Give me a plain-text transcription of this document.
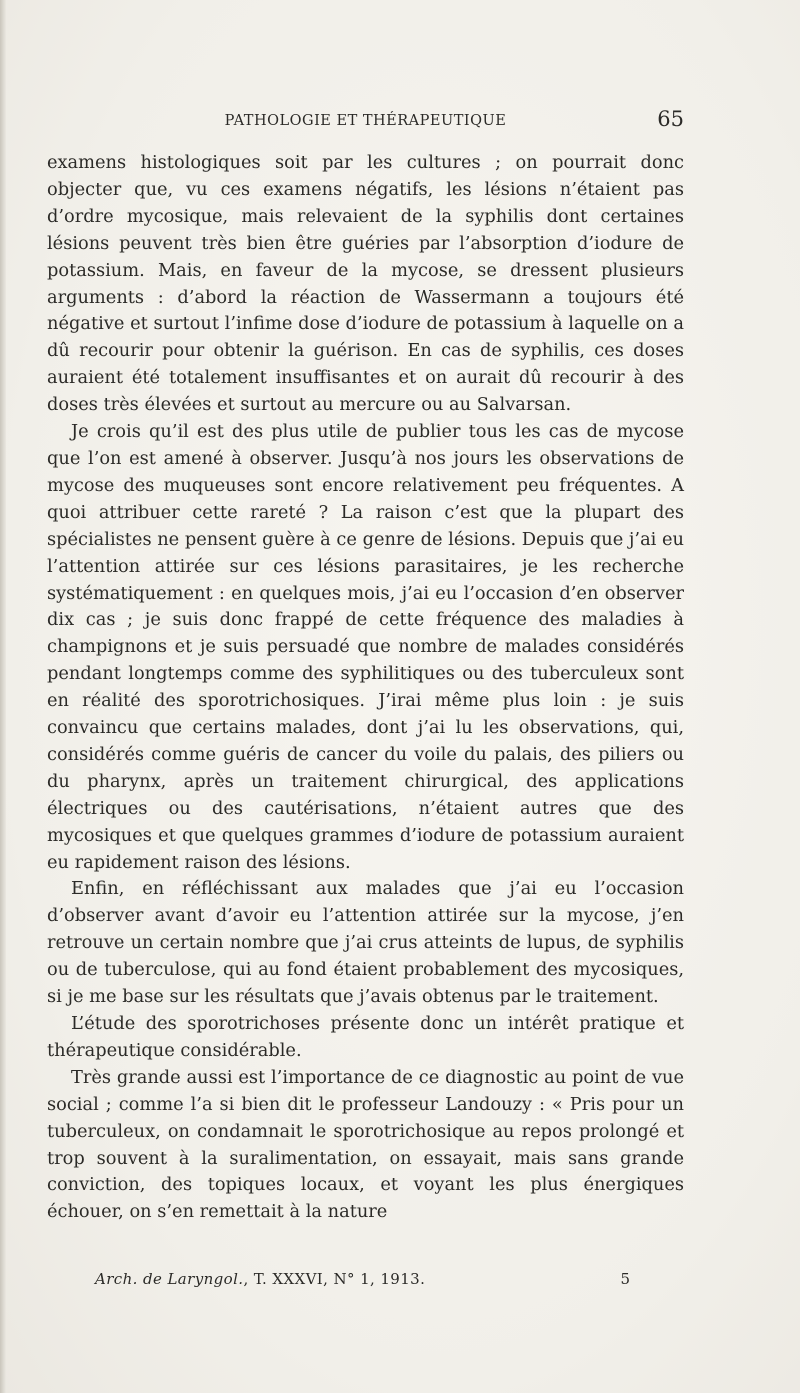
PATHOLOGIE ET THÉRAPEUTIQUE	65

examens histologiques soit par les cultures ; on pourrait donc objecter que, vu ces examens négatifs, les lésions n’étaient pas d’ordre mycosique, mais relevaient de la syphilis dont certaines lésions peuvent très bien être guéries par l’absorption d’iodure de potassium. Mais, en faveur de la mycose, se dressent plusieurs arguments : d’abord la réaction de Wassermann a toujours été négative et surtout l’infime dose d’iodure de potassium à laquelle on a dû recourir pour obtenir la guérison. En cas de syphilis, ces doses auraient été totalement insuffisantes et on aurait dû recourir à des doses très élevées et surtout au mercure ou au Salvarsan.

Je crois qu’il est des plus utile de publier tous les cas de mycose que l’on est amené à observer. Jusqu’à nos jours les observations de mycose des muqueuses sont encore relativement peu fréquentes. A quoi attribuer cette rareté ? La raison c’est que la plupart des spécialistes ne pensent guère à ce genre de lésions. Depuis que j’ai eu l’attention attirée sur ces lésions parasitaires, je les recherche systématiquement : en quelques mois, j’ai eu l’occasion d’en observer dix cas ; je suis donc frappé de cette fréquence des maladies à champignons et je suis persuadé que nombre de malades considérés pendant longtemps comme des syphilitiques ou des tuberculeux sont en réalité des sporotrichosiques. J’irai même plus loin : je suis convaincu que certains malades, dont j’ai lu les observations, qui, considérés comme guéris de cancer du voile du palais, des piliers ou du pharynx, après un traitement chirurgical, des applications électriques ou des cautérisations, n’étaient autres que des mycosiques et que quelques grammes d’iodure de potassium auraient eu rapidement raison des lésions.

Enfin, en réfléchissant aux malades que j’ai eu l’occasion d’observer avant d’avoir eu l’attention attirée sur la mycose, j’en retrouve un certain nombre que j’ai crus atteints de lupus, de syphilis ou de tuberculose, qui au fond étaient probablement des mycosiques, si je me base sur les résultats que j’avais obtenus par le traitement.

L’étude des sporotrichoses présente donc un intérêt pratique et thérapeutique considérable.

Très grande aussi est l’importance de ce diagnostic au point de vue social ; comme l’a si bien dit le professeur Landouzy : « Pris pour un tuberculeux, on condamnait le sporotrichosique au repos prolongé et trop souvent à la suralimentation, on essayait, mais sans grande conviction, des topiques locaux, et voyant les plus énergiques échouer, on s’en remettait à la nature

Arch. de Laryngol., T. XXXVI, N° 1, 1913.	5
